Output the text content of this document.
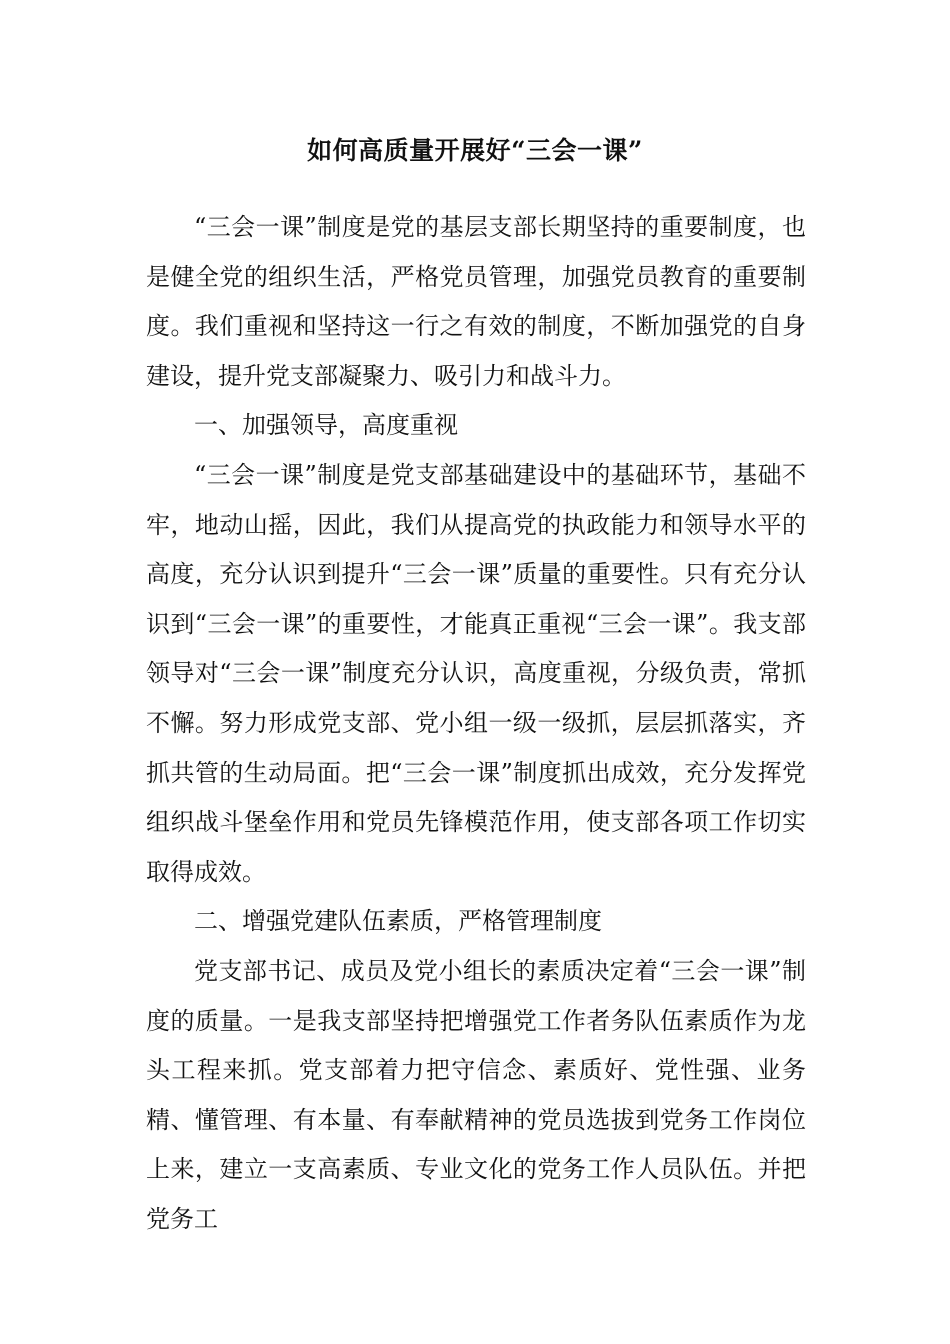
如何高质量开展好“三会一课”

“三会一课”制度是党的基层支部长期坚持的重要制度，也是健全党的组织生活，严格党员管理，加强党员教育的重要制度。我们重视和坚持这一行之有效的制度，不断加强党的自身建设，提升党支部凝聚力、吸引力和战斗力。

一、加强领导，高度重视

“三会一课”制度是党支部基础建设中的基础环节，基础不牢，地动山摇，因此，我们从提高党的执政能力和领导水平的高度，充分认识到提升“三会一课”质量的重要性。只有充分认识到“三会一课”的重要性，才能真正重视“三会一课”。我支部领导对“三会一课”制度充分认识，高度重视，分级负责，常抓不懈。努力形成党支部、党小组一级一级抓，层层抓落实，齐抓共管的生动局面。把“三会一课”制度抓出成效，充分发挥党组织战斗堡垒作用和党员先锋模范作用，使支部各项工作切实取得成效。

二、增强党建队伍素质，严格管理制度

党支部书记、成员及党小组长的素质决定着“三会一课”制度的质量。一是我支部坚持把增强党工作者务队伍素质作为龙头工程来抓。党支部着力把守信念、素质好、党性强、业务精、懂管理、有本量、有奉献精神的党员选拔到党务工作岗位上来，建立一支高素质、专业文化的党务工作人员队伍。并把党务工
